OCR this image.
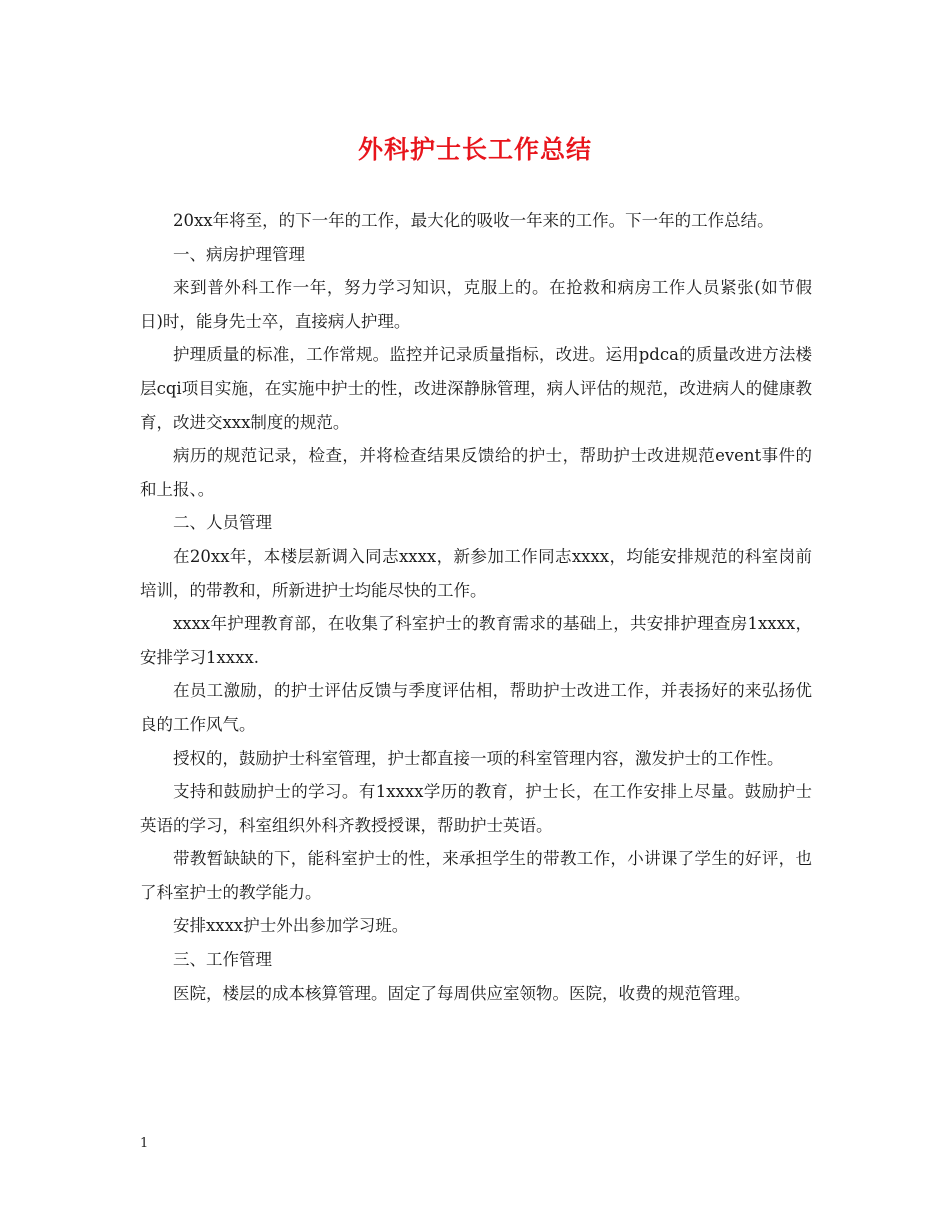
外科护士长工作总结

20xx年将至，的下一年的工作，最大化的吸收一年来的工作。下一年的工作总结。

一、病房护理管理

来到普外科工作一年，努力学习知识，克服上的。在抢救和病房工作人员紧张(如节假日)时，能身先士卒，直接病人护理。

护理质量的标准，工作常规。监控并记录质量指标，改进。运用pdca的质量改进方法楼层cqi项目实施，在实施中护士的性，改进深静脉管理，病人评估的规范，改进病人的健康教育，改进交xxx制度的规范。

病历的规范记录，检查，并将检查结果反馈给的护士，帮助护士改进规范event事件的和上报、。

二、人员管理

在20xx年，本楼层新调入同志xxxx，新参加工作同志xxxx，均能安排规范的科室岗前培训，的带教和，所新进护士均能尽快的工作。

xxxx年护理教育部，在收集了科室护士的教育需求的基础上，共安排护理查房1xxxx，安排学习1xxxx.

在员工激励，的护士评估反馈与季度评估相，帮助护士改进工作，并表扬好的来弘扬优良的工作风气。

授权的，鼓励护士科室管理，护士都直接一项的科室管理内容，激发护士的工作性。

支持和鼓励护士的学习。有1xxxx学历的教育，护士长，在工作安排上尽量。鼓励护士英语的学习，科室组织外科齐教授授课，帮助护士英语。

带教暂缺缺的下，能科室护士的性，来承担学生的带教工作，小讲课了学生的好评，也了科室护士的教学能力。

安排xxxx护士外出参加学习班。

三、工作管理

医院，楼层的成本核算管理。固定了每周供应室领物。医院，收费的规范管理。

1
